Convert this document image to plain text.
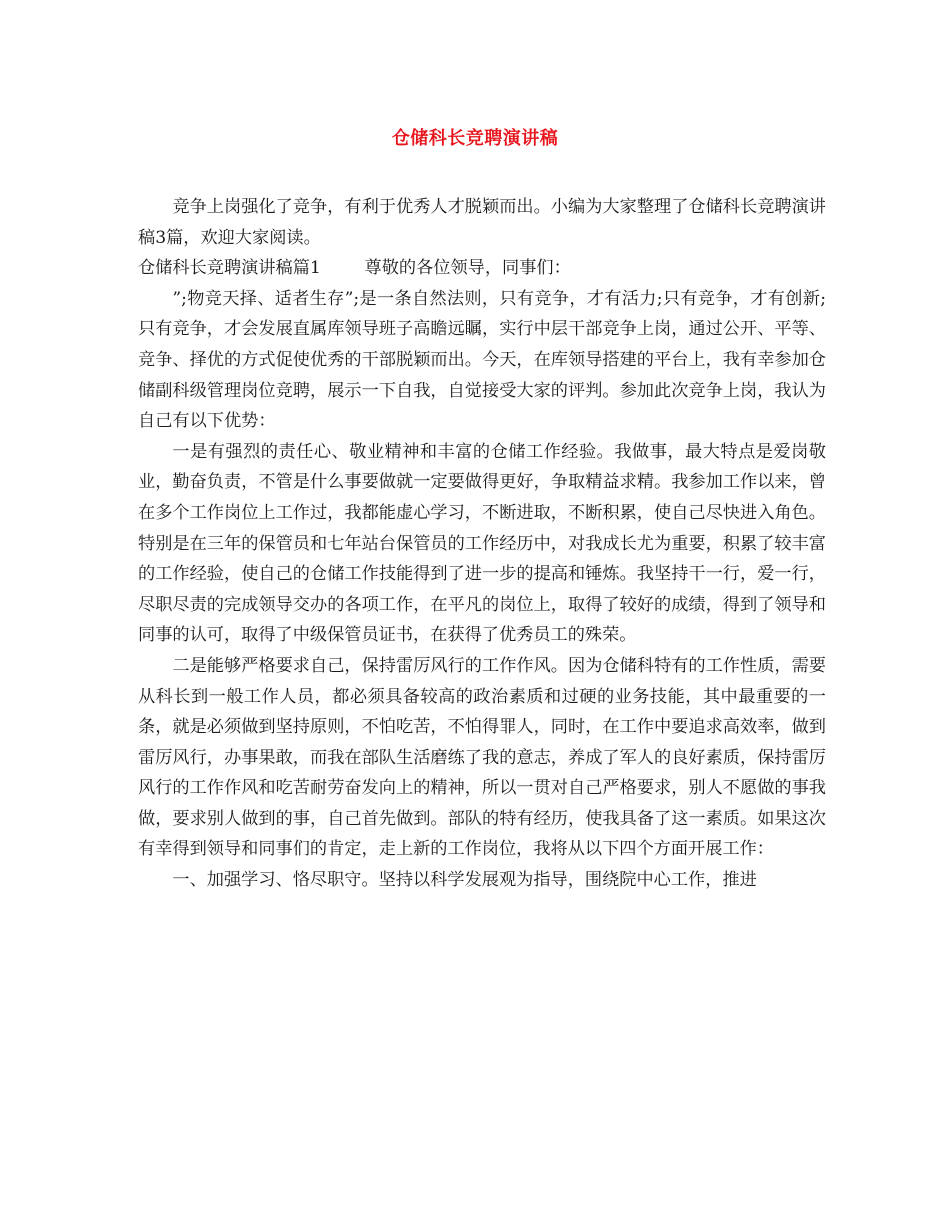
仓储科长竞聘演讲稿

竞争上岗强化了竞争，有利于优秀人才脱颖而出。小编为大家整理了仓储科长竞聘演讲稿3篇，欢迎大家阅读。

仓储科长竞聘演讲稿篇1        尊敬的各位领导，同事们：

”;物竞天择、适者生存”;是一条自然法则，只有竞争，才有活力;只有竞争，才有创新;只有竞争，才会发展直属库领导班子高瞻远瞩，实行中层干部竞争上岗，通过公开、平等、竞争、择优的方式促使优秀的干部脱颖而出。今天，在库领导搭建的平台上，我有幸参加仓储副科级管理岗位竞聘，展示一下自我，自觉接受大家的评判。参加此次竞争上岗，我认为自己有以下优势：

一是有强烈的责任心、敬业精神和丰富的仓储工作经验。我做事，最大特点是爱岗敬业，勤奋负责，不管是什么事要做就一定要做得更好，争取精益求精。我参加工作以来，曾在多个工作岗位上工作过，我都能虚心学习，不断进取，不断积累，使自己尽快进入角色。特别是在三年的保管员和七年站台保管员的工作经历中，对我成长尤为重要，积累了较丰富的工作经验，使自己的仓储工作技能得到了进一步的提高和锤炼。我坚持干一行，爱一行，尽职尽责的完成领导交办的各项工作，在平凡的岗位上，取得了较好的成绩，得到了领导和同事的认可，取得了中级保管员证书，在获得了优秀员工的殊荣。

二是能够严格要求自己，保持雷厉风行的工作作风。因为仓储科特有的工作性质，需要从科长到一般工作人员，都必须具备较高的政治素质和过硬的业务技能，其中最重要的一条，就是必须做到坚持原则，不怕吃苦，不怕得罪人，同时，在工作中要追求高效率，做到雷厉风行，办事果敢，而我在部队生活磨练了我的意志，养成了军人的良好素质，保持雷厉风行的工作作风和吃苦耐劳奋发向上的精神，所以一贯对自己严格要求，别人不愿做的事我做，要求别人做到的事，自己首先做到。部队的特有经历，使我具备了这一素质。如果这次有幸得到领导和同事们的肯定，走上新的工作岗位，我将从以下四个方面开展工作：

一、加强学习、恪尽职守。坚持以科学发展观为指导，围绕院中心工作，推进
